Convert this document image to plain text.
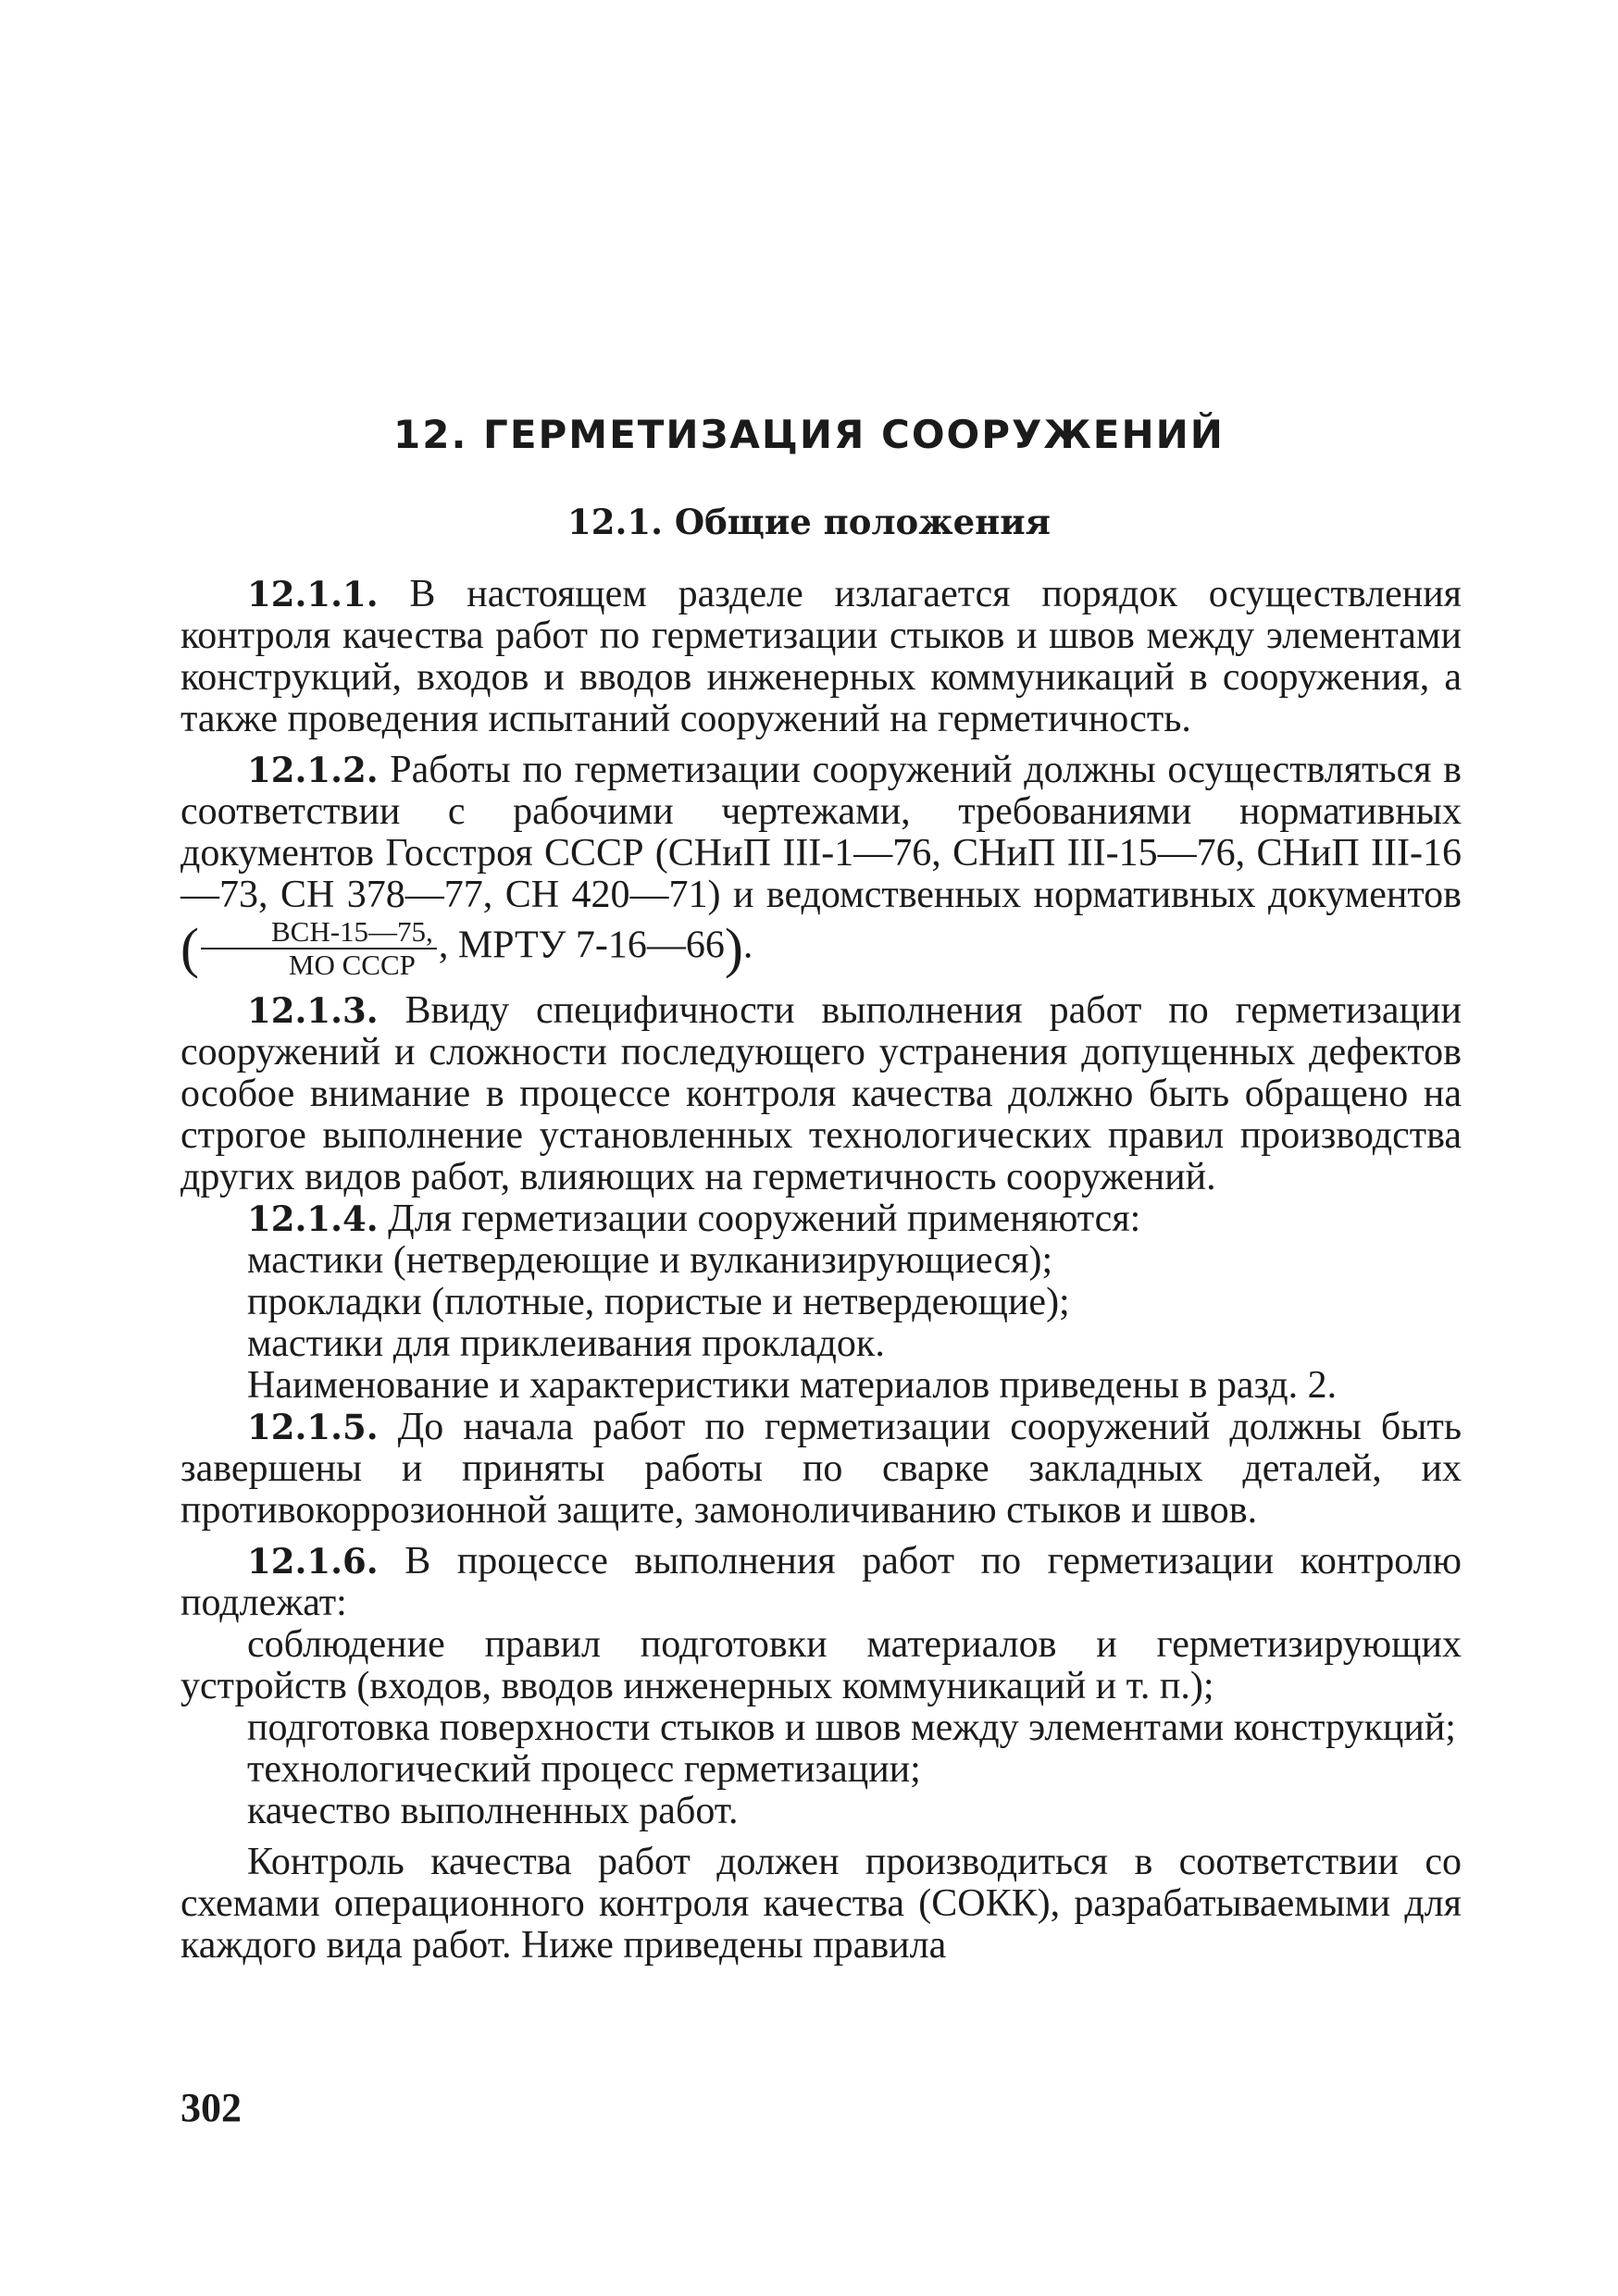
12. ГЕРМЕТИЗАЦИЯ СООРУЖЕНИЙ
12.1. Общие положения

12.1.1. В настоящем разделе излагается порядок осуществления контроля качества работ по герметизации стыков и швов между элементами конструкций, входов и вводов инженерных коммуникаций в сооружения, а также проведения испытаний сооружений на герметичность.

12.1.2. Работы по герметизации сооружений должны осуществляться в соответствии с рабочими чертежами, требованиями нормативных документов Госстроя СССР (СНиП III-1—76, СНиП III-15—76, СНиП III-16—73, СН 378—77, СН 420—71) и ведомственных нормативных документов ( $\frac{\text{ВСН-15—75,}}{\text{МО СССР}}$ , МРТУ 7-16—66).

12.1.3. Ввиду специфичности выполнения работ по герметизации сооружений и сложности последующего устранения допущенных дефектов особое внимание в процессе контроля качества должно быть обращено на строгое выполнение установленных технологических правил производства других видов работ, влияющих на герметичность сооружений.

12.1.4. Для герметизации сооружений применяются:

мастики (нетвердеющие и вулканизирующиеся);

прокладки (плотные, пористые и нетвердеющие);

мастики для приклеивания прокладок.

Наименование и характеристики материалов приведены в разд. 2.

12.1.5. До начала работ по герметизации сооружений должны быть завершены и приняты работы по сварке закладных деталей, их противокоррозионной защите, замоноличиванию стыков и швов.

12.1.6. В процессе выполнения работ по герметизации контролю подлежат:

соблюдение правил подготовки материалов и герметизирующих устройств (входов, вводов инженерных коммуникаций и т. п.);

подготовка поверхности стыков и швов между элементами конструкций;

технологический процесс герметизации;

качество выполненных работ.

Контроль качества работ должен производиться в соответствии со схемами операционного контроля качества (СОКК), разрабатываемыми для каждого вида работ. Ниже приведены правила

302
